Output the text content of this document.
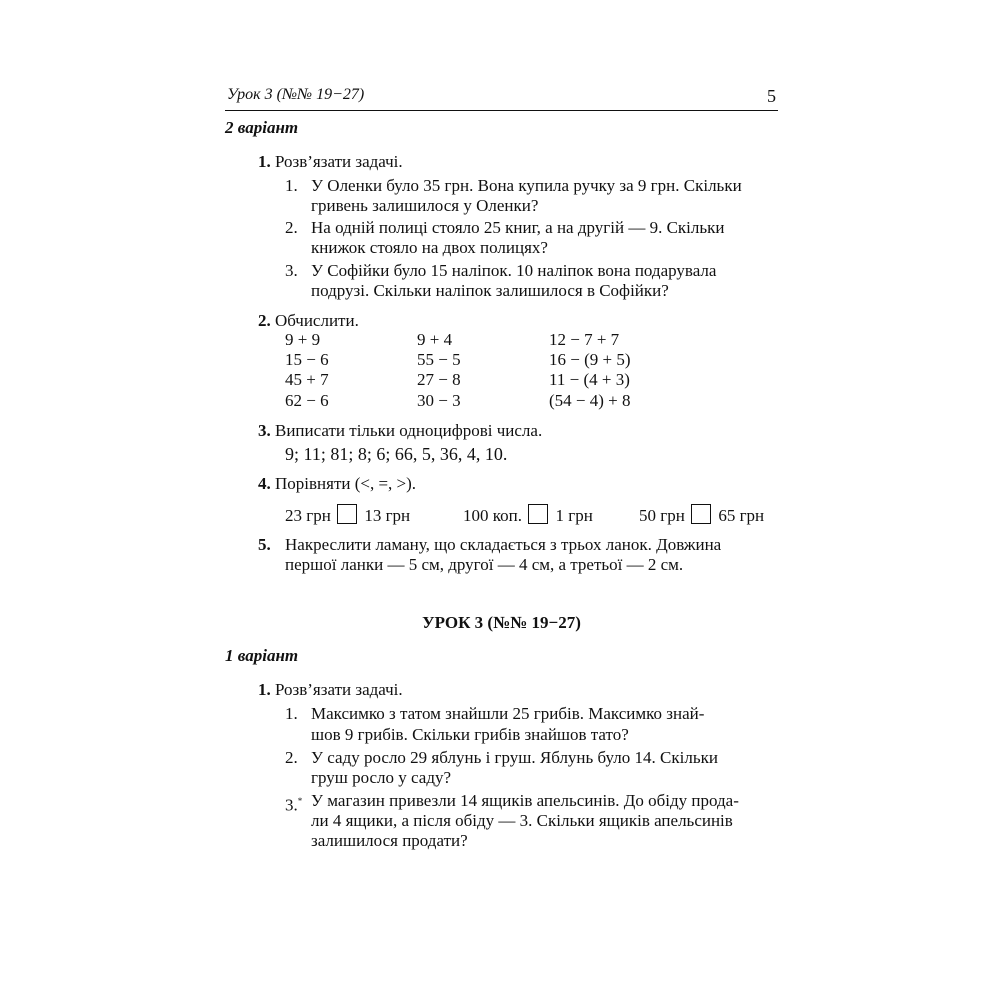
Урок 3 (№№ 19−27)	5
2 варіант
1. Розв’язати задачі.
1. У Оленки було 35 грн. Вона купила ручку за 9 грн. Скільки
гривень залишилося у Оленки?
2. На одній полиці стояло 25 книг, а на другій — 9. Скільки
книжок стояло на двох полицях?
3. У Софійки було 15 наліпок. 10 наліпок вона подарувала
подрузі. Скільки наліпок залишилося в Софійки?
2. Обчислити.
9 + 9	9 + 4	12 − 7 + 7
15 − 6	55 − 5	16 − (9 + 5)
45 + 7	27 − 8	11 − (4 + 3)
62 − 6	30 − 3	(54 − 4) + 8
3. Виписати тільки одноцифрові числа.
9; 11; 81; 8; 6; 66, 5, 36, 4, 10.
4. Порівняти (<, =, >).
23 грн 13 грн	100 коп. 1 грн	50 грн 65 грн
5. Накреслити ламану, що складається з трьох ланок. Довжина
першої ланки — 5 см, другої — 4 см, а третьої — 2 см.
УРОК 3 (№№ 19−27)
1 варіант
1. Розв’язати задачі.
1. Максимко з татом знайшли 25 грибів. Максимко знай-
шов 9 грибів. Скільки грибів знайшов тато?
2. У саду росло 29 яблунь і груш. Яблунь було 14. Скільки
груш росло у саду?
3.* У магазин привезли 14 ящиків апельсинів. До обіду прода-
ли 4 ящики, а після обіду — 3. Скільки ящиків апельсинів
залишилося продати?
